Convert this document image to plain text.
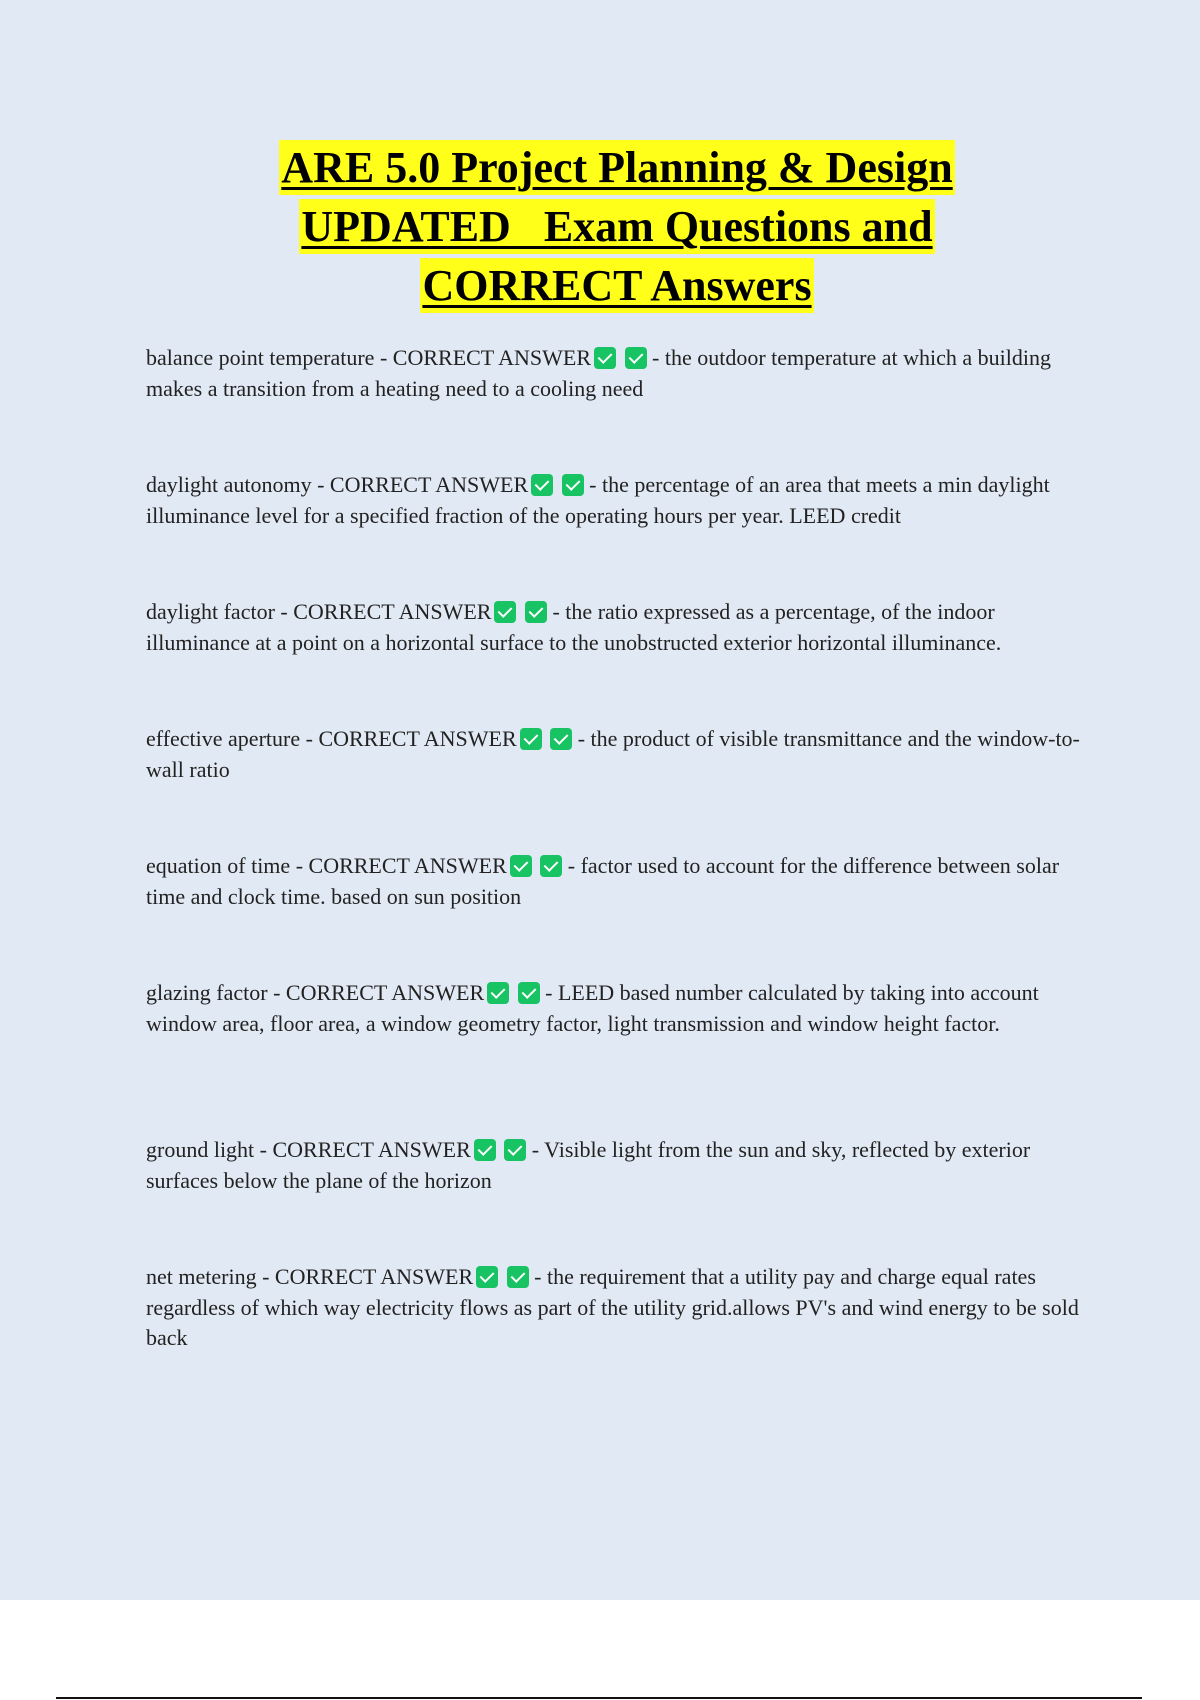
ARE 5.0 Project Planning & Design
UPDATED   Exam Questions and
CORRECT Answers
balance point temperature - CORRECT ANSWER	- the outdoor temperature at which a building makes a transition from a heating need to a cooling need
daylight autonomy - CORRECT ANSWER	- the percentage of an area that meets a min daylight illuminance level for a specified fraction of the operating hours per year. LEED credit
daylight factor - CORRECT ANSWER	- the ratio expressed as a percentage, of the indoor illuminance at a point on a horizontal surface to the unobstructed exterior horizontal illuminance.
effective aperture - CORRECT ANSWER	- the product of visible transmittance and the window-to-wall ratio
equation of time - CORRECT ANSWER	- factor used to account for the difference between solar time and clock time. based on sun position
glazing factor - CORRECT ANSWER	- LEED based number calculated by taking into account window area, floor area, a window geometry factor, light transmission and window height factor.
ground light - CORRECT ANSWER	- Visible light from the sun and sky, reflected by exterior surfaces below the plane of the horizon
net metering - CORRECT ANSWER	- the requirement that a utility pay and charge equal rates regardless of which way electricity flows as part of the utility grid.allows PV's and wind energy to be sold back
